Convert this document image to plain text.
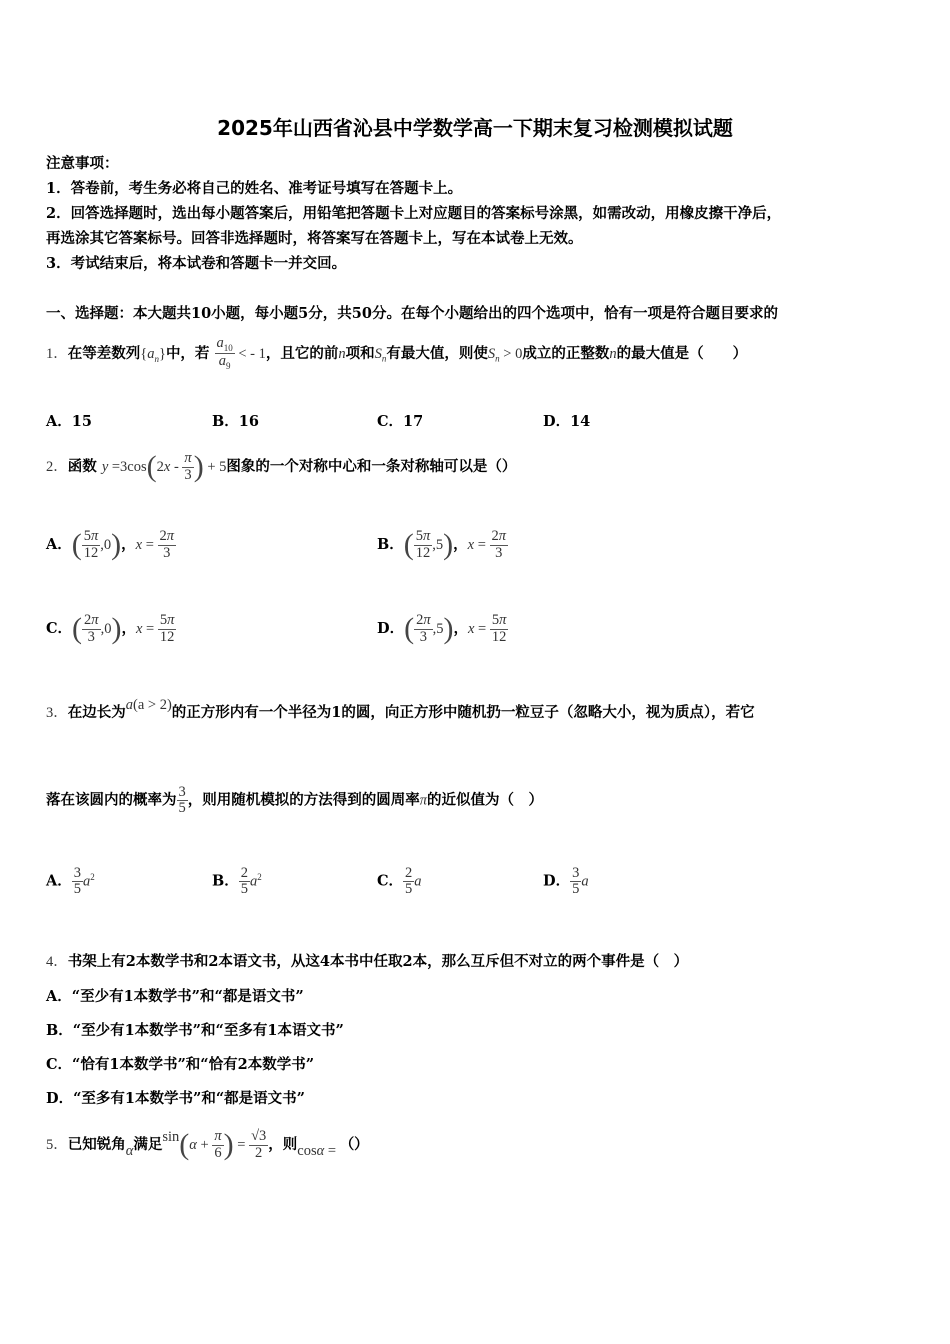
2025年山西省沁县中学数学高一下期末复习检测模拟试题
注意事项：
1．答卷前，考生务必将自己的姓名、准考证号填写在答题卡上。
2．回答选择题时，选出每小题答案后，用铅笔把答题卡上对应题目的答案标号涂黑，如需改动，用橡皮擦干净后，
再选涂其它答案标号。回答非选择题时，将答案写在答题卡上，写在本试卷上无效。
3．考试结束后，将本试卷和答题卡一并交回。
一、选择题：本大题共10小题，每小题5分，共50分。在每个小题给出的四个选项中，恰有一项是符合题目要求的
1．在等差数列$\{a_n\}$中，若 $\frac{a_{10}}{a_9}$ < - 1，且它的前n项和$S_n$有最大值，则使$S_n > 0$成立的正整数n的最大值是（　　）
A．15	B．16	C．17	D．14
2．函数 $y =3\cos(2x - \frac{\pi}{3}$ ) + 5图象的一个对称中心和一条对称轴可以是（）
A．( $\frac{5\pi}{12} ,0$)，$x = \frac{2\pi}{3}$	B．( $\frac{5\pi}{12} ,5$)，$x = \frac{2\pi}{3}$
C．( $\frac{2\pi}{3} ,0$)，$x = \frac{5\pi}{12}$	D．( $\frac{2\pi}{3} ,5$)，$x = \frac{5\pi}{12}$
3．在边长为a(a > 2)的正方形内有一个半径为1的圆，向正方形中随机扔一粒豆子（忽略大小，视为质点），若它
落在该圆内的概率为 $\frac{3}{5}$ ，则用随机模拟的方法得到的圆周率π的近似值为（　）
A． $\frac{3}{5} a^2$	B． $\frac{2}{5} a^2$	C． $\frac{2}{5}$ a	D． $\frac{3}{5}$ a
4．书架上有2本数学书和2本语文书，从这4本书中任取2本，那么互斥但不对立的两个事件是（　）
A．“至少有1本数学书”和“都是语文书”
B．“至少有1本数学书”和“至多有1本语文书”
C．“恰有1本数学书”和“恰有2本数学书”
D．“至多有1本数学书”和“都是语文书”
5．已知锐角α满足$\sin(\alpha + \frac{\pi}{6}$ ) = $\frac{√3}{2}$ ，则cosα = （）
